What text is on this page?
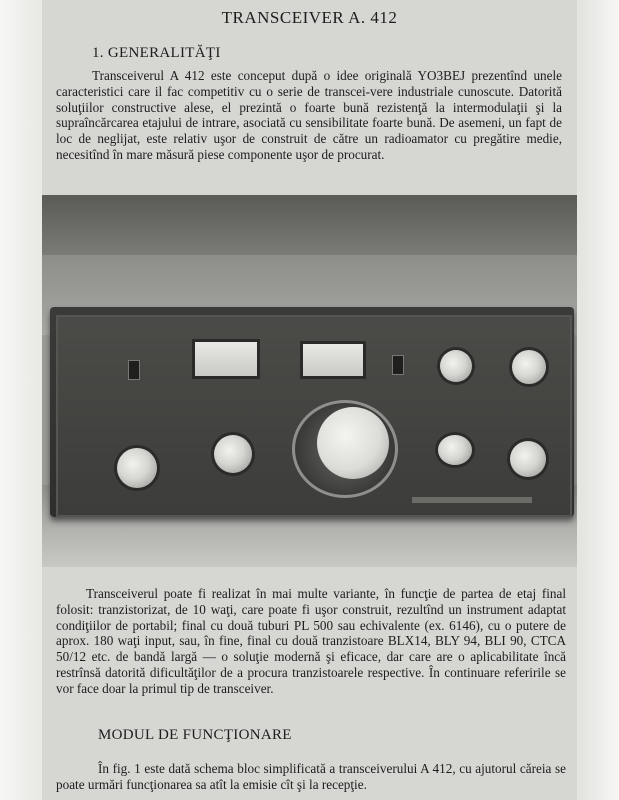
TRANSCEIVER A. 412
1. GENERALITĂŢI
Transceiverul A 412 este conceput după o idee originală YO3BEJ prezentînd unele caracteristici care il fac competitiv cu o serie de transcei-vere industriale cunoscute. Datorită soluţiilor constructive alese, el prezintă o foarte bună rezistenţă la intermodulaţii şi la supraîncărcarea etajului de intrare, asociată cu sensibilitate foarte bună. De asemeni, un fapt de loc de neglijat, este relativ uşor de construit de către un radioamator cu pregătire medie, necesitînd în mare măsură piese componente uşor de procurat.
Transceiverul poate fi realizat în mai multe variante, în funcţie de partea de etaj final folosit: tranzistorizat, de 10 waţi, care poate fi uşor construit, rezultînd un instrument adaptat condiţiilor de portabil; final cu două tuburi PL 500 sau echivalente (ex. 6146), cu o putere de aprox. 180 waţi input, sau, în fine, final cu două tranzistoare BLX14, BLY 94, BLI 90, CTCA 50/12 etc. de bandă largă — o soluţie modernă şi eficace, dar care are o aplicabilitate încă restrînsă datorită dificultăţilor de a procura tranzistoarele respective. În continuare referirile se vor face doar la primul tip de transceiver.
MODUL DE FUNCŢIONARE
În fig. 1 este dată schema bloc simplificată a transceiverului A 412, cu ajutorul căreia se poate urmări funcţionarea sa atît la emisie cît şi la recepţie.
